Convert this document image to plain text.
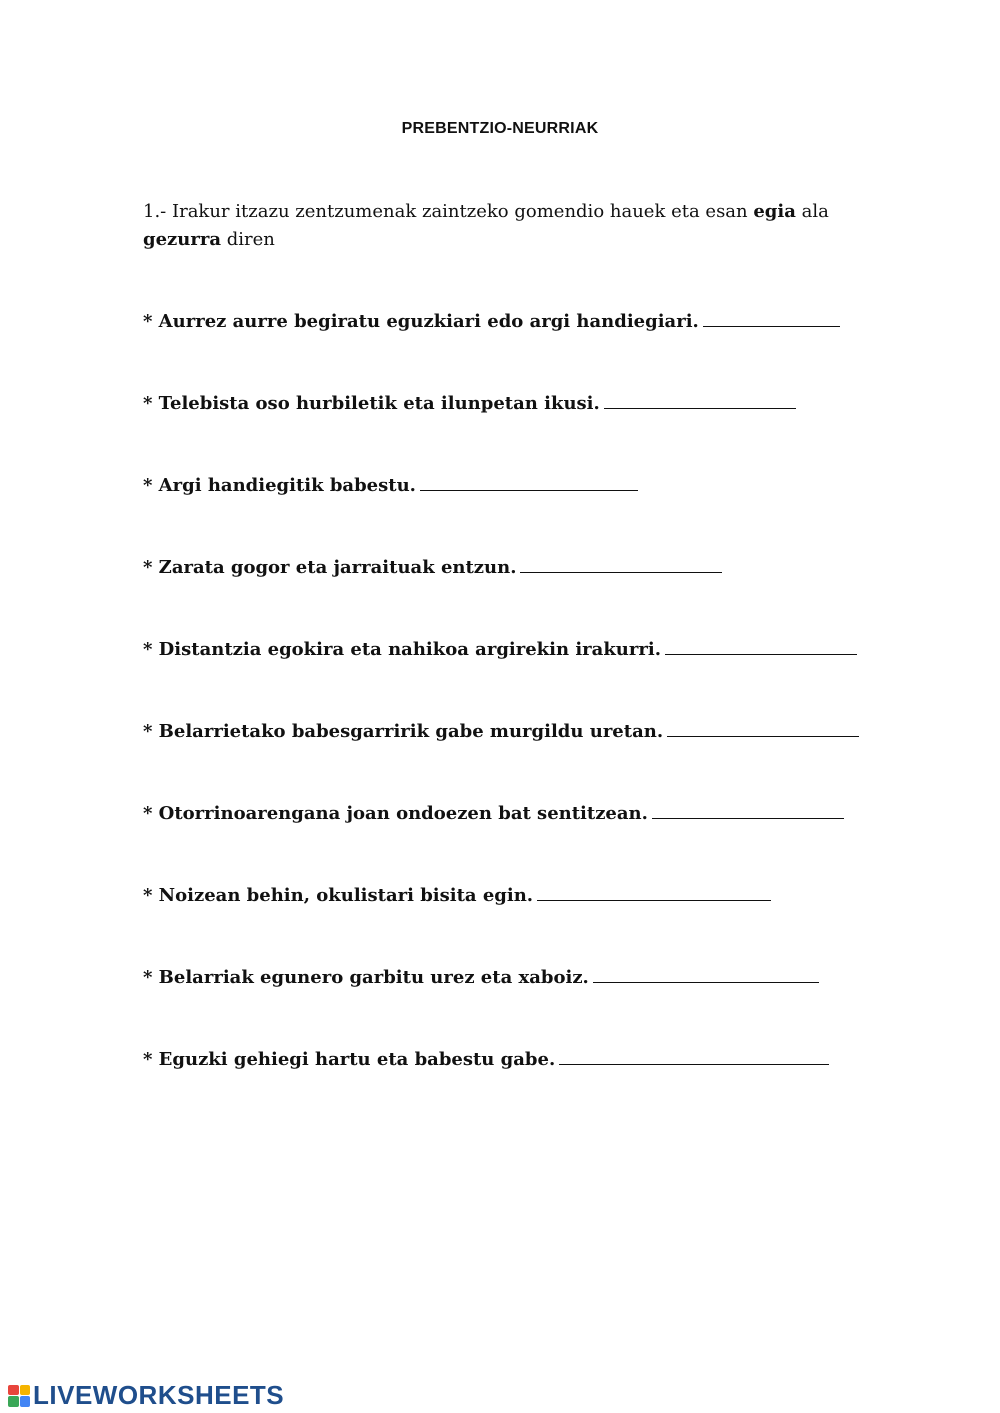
PREBENTZIO-NEURRIAK
1.- Irakur itzazu zentzumenak zaintzeko gomendio hauek eta esan egia ala gezurra diren
* Aurrez aurre begiratu eguzkiari edo argi handiegiari.
* Telebista oso hurbiletik eta ilunpetan ikusi.
* Argi handiegitik babestu.
* Zarata gogor eta jarraituak entzun.
* Distantzia egokira eta nahikoa argirekin irakurri.
* Belarrietako babesgarririk gabe murgildu uretan.
* Otorrinoarengana joan ondoezen bat sentitzean.
* Noizean behin, okulistari bisita egin.
* Belarriak egunero garbitu urez eta xaboiz.
* Eguzki gehiegi hartu eta babestu gabe.
LIVEWORKSHEETS
